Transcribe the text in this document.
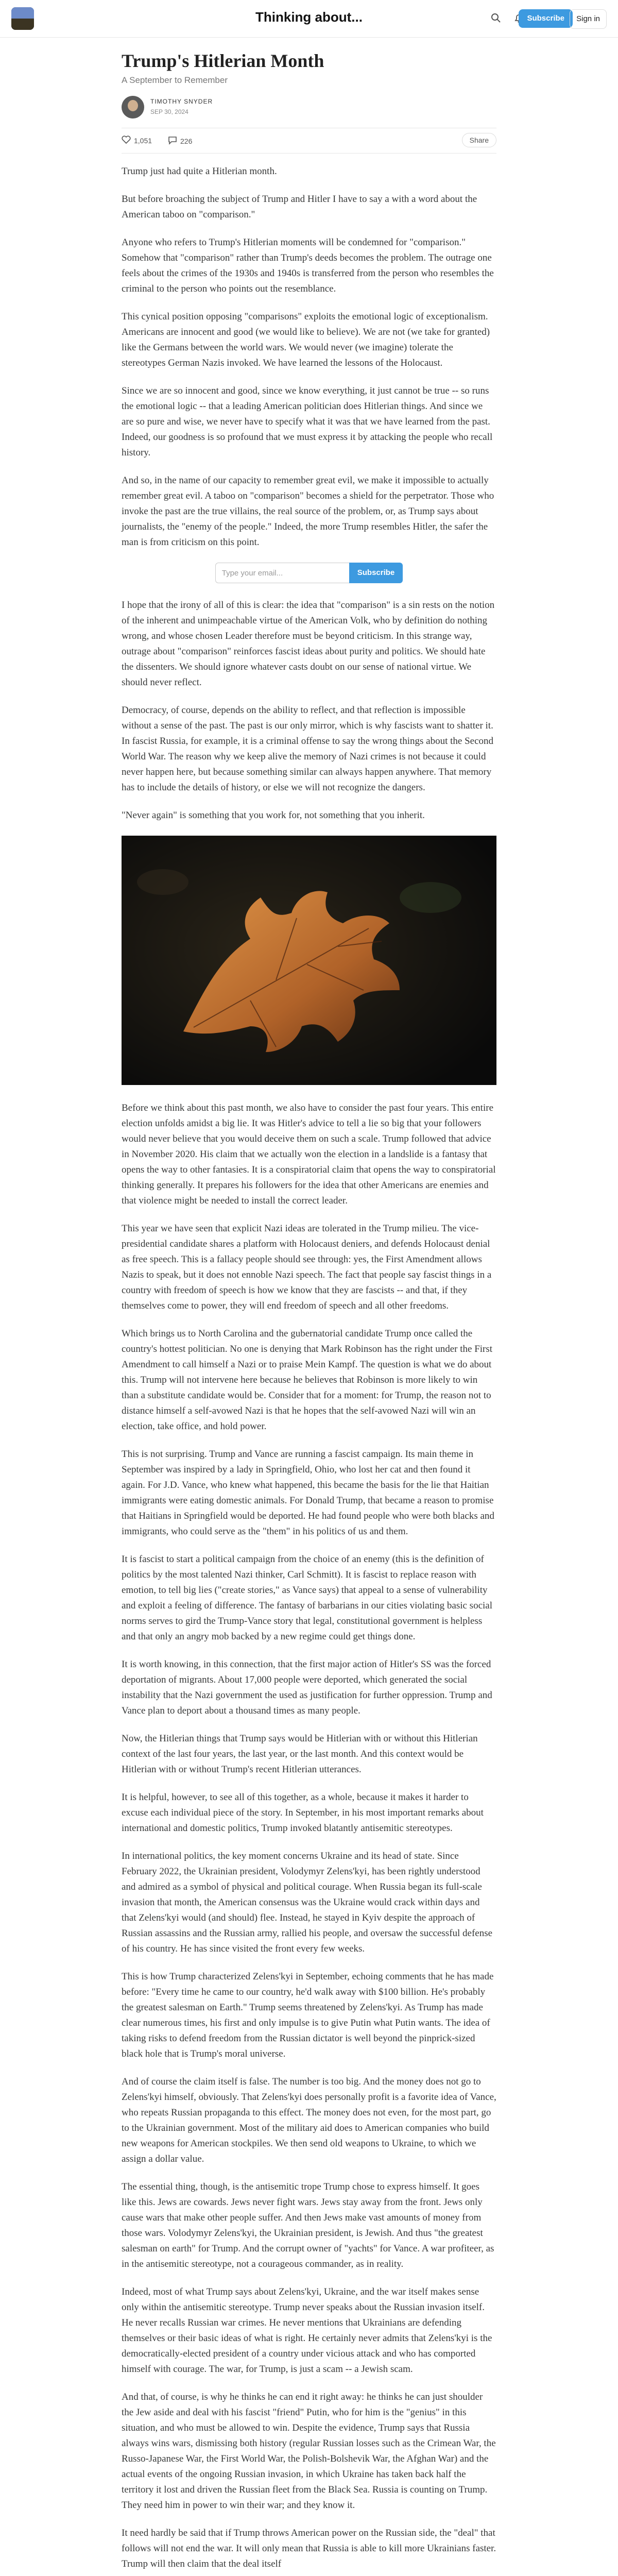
Thinking about...	Subscribe	Sign in
Trump's Hitlerian Month
A September to Remember
TIMOTHY SNYDER
SEP 30, 2024
1,051	226	Share

Trump just had quite a Hitlerian month.

But before broaching the subject of Trump and Hitler I have to say a with a word about the American taboo on "comparison."

Anyone who refers to Trump's Hitlerian moments will be condemned for "comparison." Somehow that "comparison" rather than Trump's deeds becomes the problem. The outrage one feels about the crimes of the 1930s and 1940s is transferred from the person who resembles the criminal to the person who points out the resemblance.

This cynical position opposing "comparisons" exploits the emotional logic of exceptionalism. Americans are innocent and good (we would like to believe). We are not (we take for granted) like the Germans between the world wars. We would never (we imagine) tolerate the stereotypes German Nazis invoked. We have learned the lessons of the Holocaust.

Since we are so innocent and good, since we know everything, it just cannot be true -- so runs the emotional logic -- that a leading American politician does Hitlerian things. And since we are so pure and wise, we never have to specify what it was that we have learned from the past. Indeed, our goodness is so profound that we must express it by attacking the people who recall history.

And so, in the name of our capacity to remember great evil, we make it impossible to actually remember great evil. A taboo on "comparison" becomes a shield for the perpetrator. Those who invoke the past are the true villains, the real source of the problem, or, as Trump says about journalists, the "enemy of the people." Indeed, the more Trump resembles Hitler, the safer the man is from criticism on this point.

Type your email...	Subscribe

I hope that the irony of all of this is clear: the idea that "comparison" is a sin rests on the notion of the inherent and unimpeachable virtue of the American Volk, who by definition do nothing wrong, and whose chosen Leader therefore must be beyond criticism. In this strange way, outrage about "comparison" reinforces fascist ideas about purity and politics. We should hate the dissenters. We should ignore whatever casts doubt on our sense of national virtue. We should never reflect.

Democracy, of course, depends on the ability to reflect, and that reflection is impossible without a sense of the past. The past is our only mirror, which is why fascists want to shatter it. In fascist Russia, for example, it is a criminal offense to say the wrong things about the Second World War. The reason why we keep alive the memory of Nazi crimes is not because it could never happen here, but because something similar can always happen anywhere. That memory has to include the details of history, or else we will not recognize the dangers.

"Never again" is something that you work for, not something that you inherit.

Before we think about this past month, we also have to consider the past four years. This entire election unfolds amidst a big lie. It was Hitler's advice to tell a lie so big that your followers would never believe that you would deceive them on such a scale. Trump followed that advice in November 2020. His claim that we actually won the election in a landslide is a fantasy that opens the way to other fantasies. It is a conspiratorial claim that opens the way to conspiratorial thinking generally. It prepares his followers for the idea that other Americans are enemies and that violence might be needed to install the correct leader.

This year we have seen that explicit Nazi ideas are tolerated in the Trump milieu. The vice-presidential candidate shares a platform with Holocaust deniers, and defends Holocaust denial as free speech. This is a fallacy people should see through: yes, the First Amendment allows Nazis to speak, but it does not ennoble Nazi speech. The fact that people say fascist things in a country with freedom of speech is how we know that they are fascists -- and that, if they themselves come to power, they will end freedom of speech and all other freedoms.

Which brings us to North Carolina and the gubernatorial candidate Trump once called the country's hottest politician. No one is denying that Mark Robinson has the right under the First Amendment to call himself a Nazi or to praise Mein Kampf. The question is what we do about this. Trump will not intervene here because he believes that Robinson is more likely to win than a substitute candidate would be. Consider that for a moment: for Trump, the reason not to distance himself a self-avowed Nazi is that he hopes that the self-avowed Nazi will win an election, take office, and hold power.

This is not surprising. Trump and Vance are running a fascist campaign. Its main theme in September was inspired by a lady in Springfield, Ohio, who lost her cat and then found it again. For J.D. Vance, who knew what happened, this became the basis for the lie that Haitian immigrants were eating domestic animals. For Donald Trump, that became a reason to promise that Haitians in Springfield would be deported. He had found people who were both blacks and immigrants, who could serve as the "them" in his politics of us and them.

It is fascist to start a political campaign from the choice of an enemy (this is the definition of politics by the most talented Nazi thinker, Carl Schmitt). It is fascist to replace reason with emotion, to tell big lies ("create stories," as Vance says) that appeal to a sense of vulnerability and exploit a feeling of difference. The fantasy of barbarians in our cities violating basic social norms serves to gird the Trump-Vance story that legal, constitutional government is helpless and that only an angry mob backed by a new regime could get things done.

It is worth knowing, in this connection, that the first major action of Hitler's SS was the forced deportation of migrants. About 17,000 people were deported, which generated the social instability that the Nazi government the used as justification for further oppression. Trump and Vance plan to deport about a thousand times as many people.

Now, the Hitlerian things that Trump says would be Hitlerian with or without this Hitlerian context of the last four years, the last year, or the last month. And this context would be Hitlerian with or without Trump's recent Hitlerian utterances.

It is helpful, however, to see all of this together, as a whole, because it makes it harder to excuse each individual piece of the story. In September, in his most important remarks about international and domestic politics, Trump invoked blatantly antisemitic stereotypes.

In international politics, the key moment concerns Ukraine and its head of state. Since February 2022, the Ukrainian president, Volodymyr Zelens'kyi, has been rightly understood and admired as a symbol of physical and political courage. When Russia began its full-scale invasion that month, the American consensus was the Ukraine would crack within days and that Zelens'kyi would (and should) flee. Instead, he stayed in Kyiv despite the approach of Russian assassins and the Russian army, rallied his people, and oversaw the successful defense of his country. He has since visited the front every few weeks.

This is how Trump characterized Zelens'kyi in September, echoing comments that he has made before: "Every time he came to our country, he'd walk away with $100 billion. He's probably the greatest salesman on Earth." Trump seems threatened by Zelens'kyi. As Trump has made clear numerous times, his first and only impulse is to give Putin what Putin wants. The idea of taking risks to defend freedom from the Russian dictator is well beyond the pinprick-sized black hole that is Trump's moral universe.

And of course the claim itself is false. The number is too big. And the money does not go to Zelens'kyi himself, obviously. That Zelens'kyi does personally profit is a favorite idea of Vance, who repeats Russian propaganda to this effect. The money does not even, for the most part, go to the Ukrainian government. Most of the military aid does to American companies who build new weapons for American stockpiles. We then send old weapons to Ukraine, to which we assign a dollar value.

The essential thing, though, is the antisemitic trope Trump chose to express himself. It goes like this. Jews are cowards. Jews never fight wars. Jews stay away from the front. Jews only cause wars that make other people suffer. And then Jews make vast amounts of money from those wars. Volodymyr Zelens'kyi, the Ukrainian president, is Jewish. And thus "the greatest salesman on earth" for Trump. And the corrupt owner of "yachts" for Vance. A war profiteer, as in the antisemitic stereotype, not a courageous commander, as in reality.

Indeed, most of what Trump says about Zelens'kyi, Ukraine, and the war itself makes sense only within the antisemitic stereotype. Trump never speaks about the Russian invasion itself. He never recalls Russian war crimes. He never mentions that Ukrainians are defending themselves or their basic ideas of what is right. He certainly never admits that Zelens'kyi is the democratically-elected president of a country under vicious attack and who has comported himself with courage. The war, for Trump, is just a scam -- a Jewish scam.

And that, of course, is why he thinks he can end it right away: he thinks he can just shoulder the Jew aside and deal with his fascist "friend" Putin, who for him is the "genius" in this situation, and who must be allowed to win. Despite the evidence, Trump says that Russia always wins wars, dismissing both history (regular Russian losses such as the Crimean War, the Russo-Japanese War, the First World War, the Polish-Bolshevik War, the Afghan War) and the actual events of the ongoing Russian invasion, in which Ukraine has taken back half the territory it lost and driven the Russian fleet from the Black Sea. Russia is counting on Trump. They need him in power to win their war; and they know it.

It need hardly be said that if Trump throws American power on the Russian side, the "deal" that follows will not end the war. It will only mean that Russia is able to kill more Ukrainians faster. Trump will then claim that the deal itself
